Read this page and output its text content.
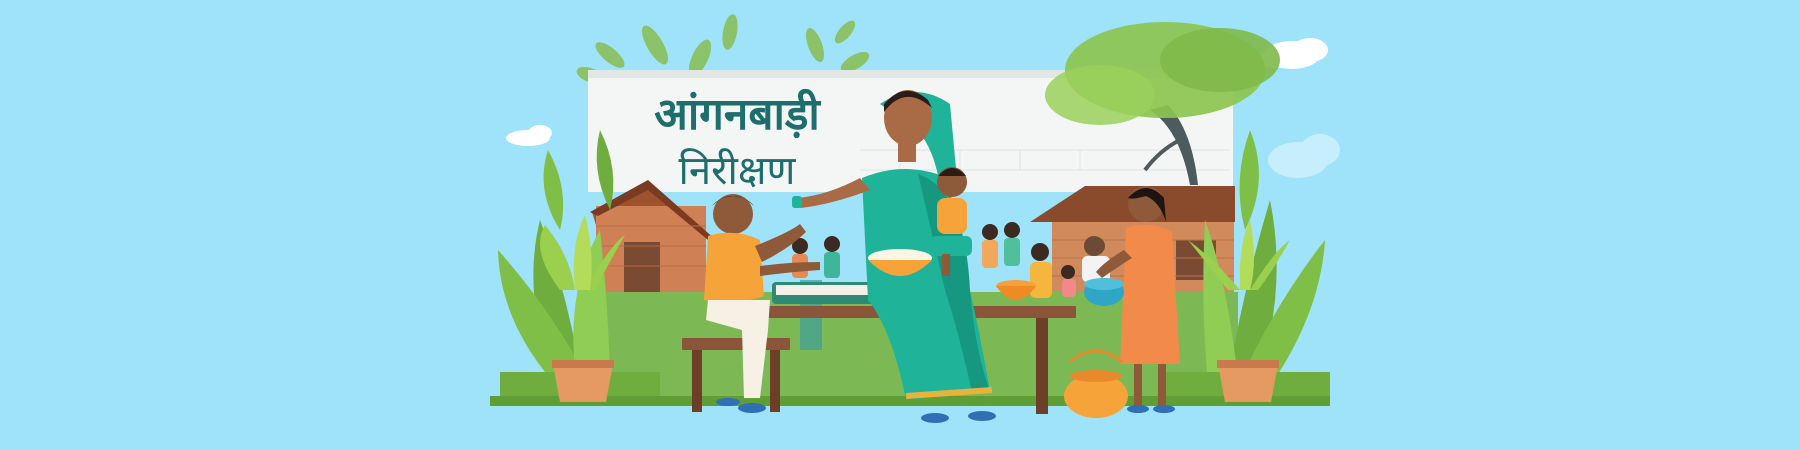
आंगनबाड़ी
निरीक्षण
